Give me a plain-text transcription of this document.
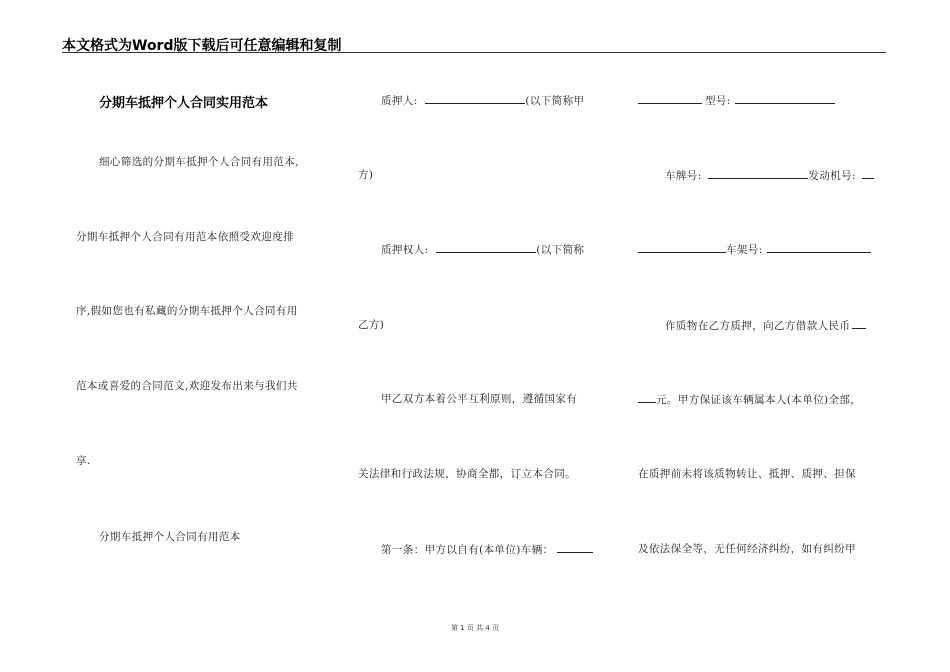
本文格式为Word版下载后可任意编辑和复制
分期车抵押个人合同实用范本
细心筛选的分期车抵押个人合同有用范本,
分期车抵押个人合同有用范本依照受欢迎度排
序,假如您也有私藏的分期车抵押个人合同有用
范本或喜爱的合同范文,欢迎发布出来与我们共
享.
分期车抵押个人合同有用范本
质押人:	(以下简称甲
方)
质押权人:	(以下简称
乙方)
甲乙双方本着公平互利原则，遵循国家有
关法律和行政法规，协商全都，订立本合同。
第一条：甲方以自有(本单位)车辆：
型号:
车牌号:	发动机号:
车架号:
作质物在乙方质押，向乙方借款人民币
元。甲方保证该车辆属本人(本单位)全部，
在质押前未将该质物转让、抵押、质押、担保
及依法保全等，无任何经济纠纷，如有纠纷甲
第 1 页 共 4 页
